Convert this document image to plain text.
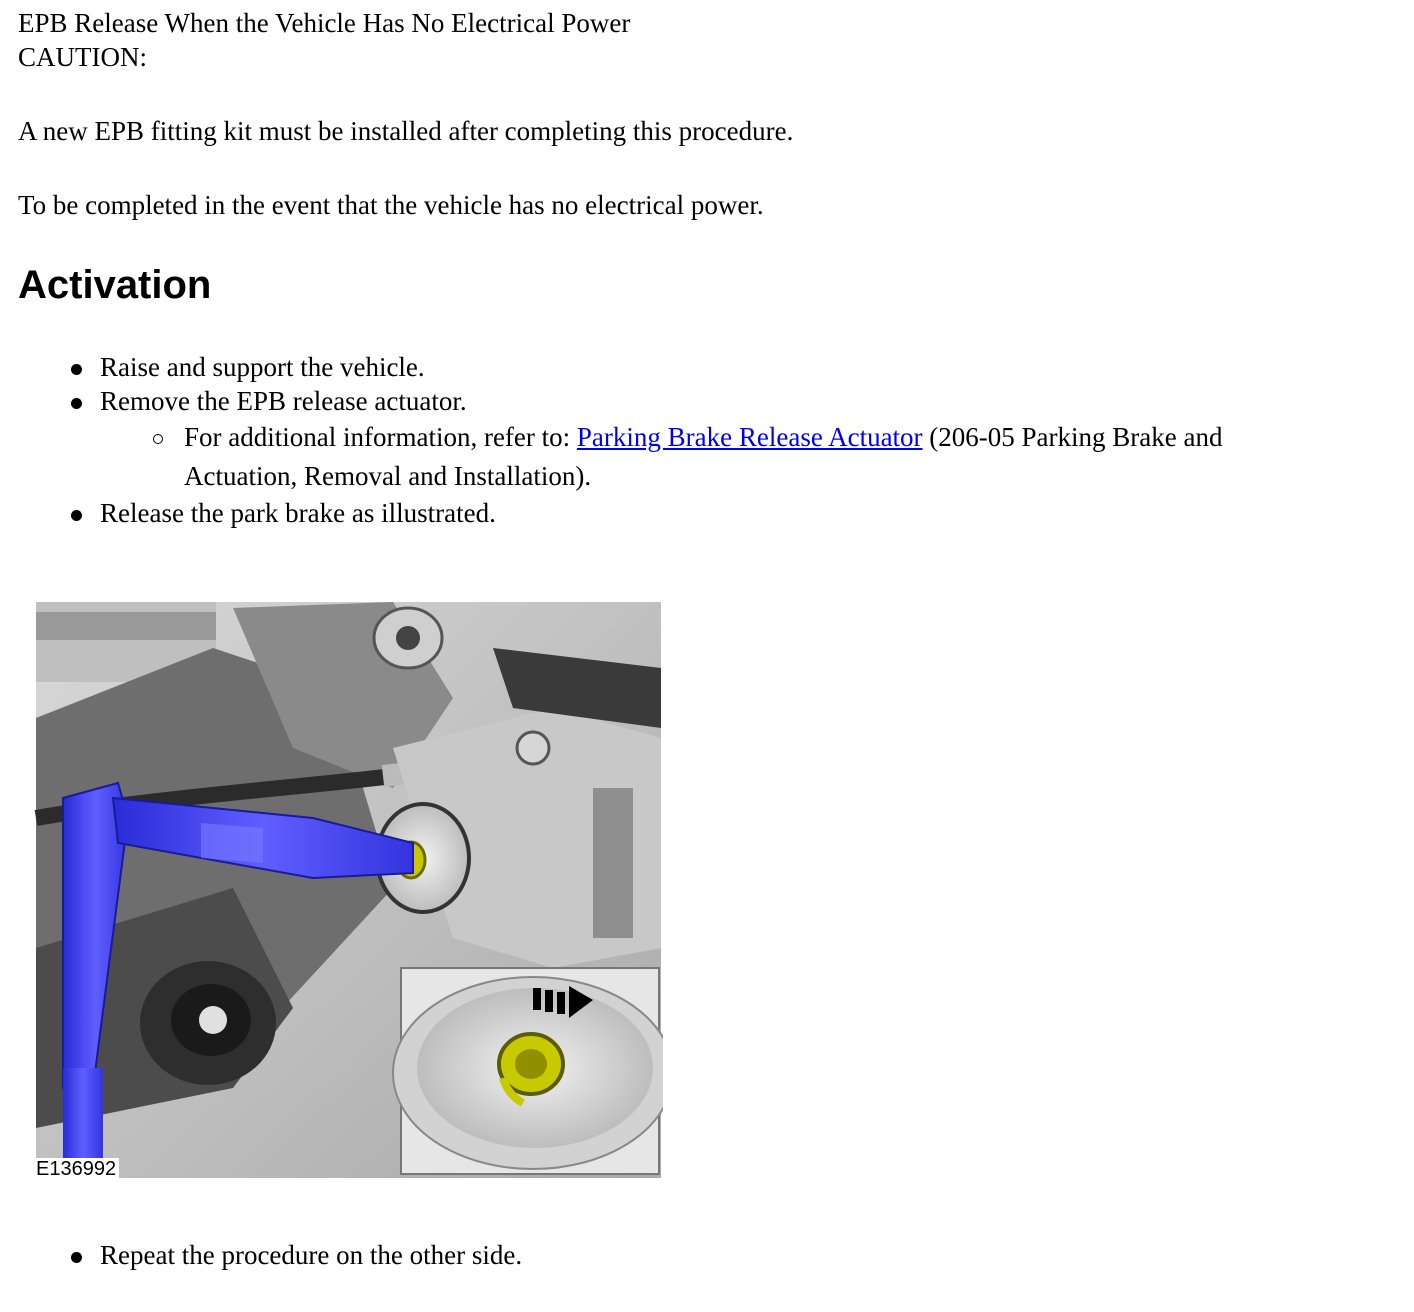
EPB Release When the Vehicle Has No Electrical Power
CAUTION:
A new EPB fitting kit must be installed after completing this procedure.
To be completed in the event that the vehicle has no electrical power.
Activation
Raise and support the vehicle.
Remove the EPB release actuator.
For additional information, refer to: Parking Brake Release Actuator (206-05 Parking Brake and Actuation, Removal and Installation).
Release the park brake as illustrated.
E136992
Repeat the procedure on the other side.
